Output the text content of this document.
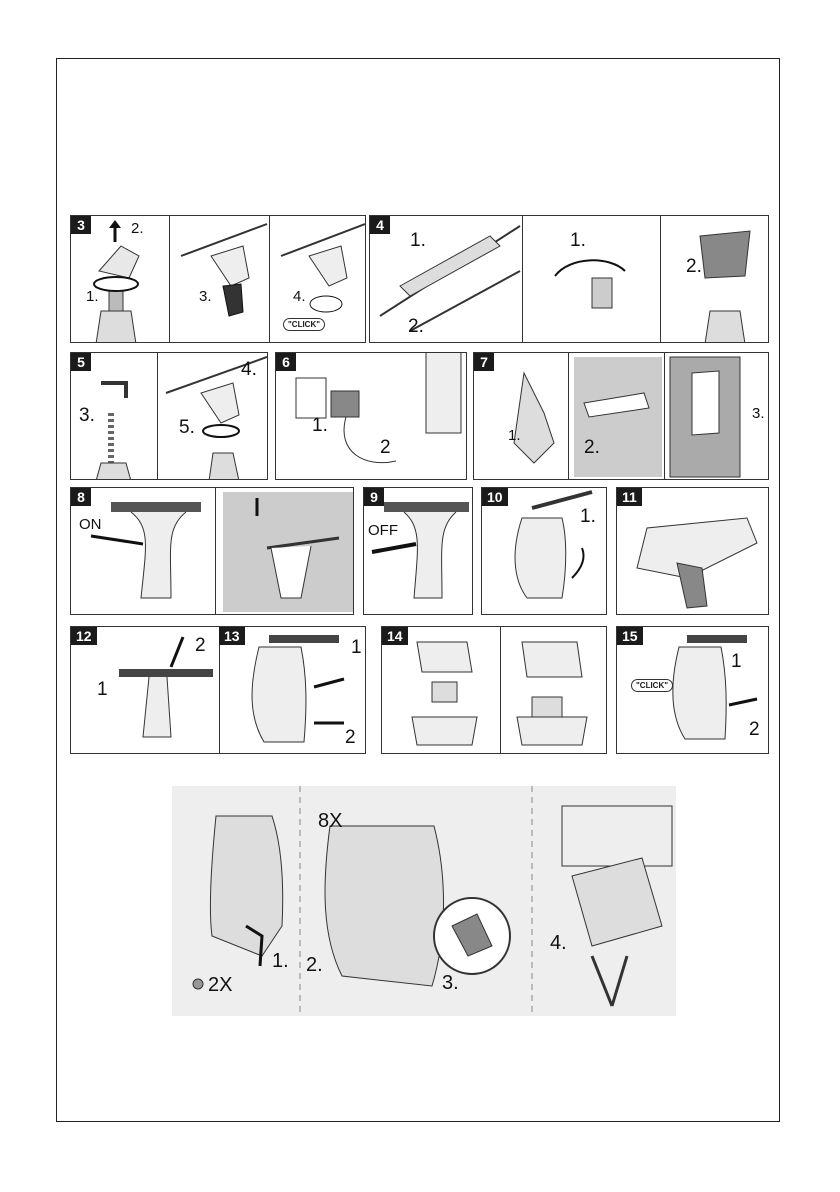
3	2.
1.	3.	4.
"CLICK"
4
1.
2.
1.
2.
5
3.
4.
5.
6
1.
2
7
1.
2.
3.
8
ON
9
OFF
10
1.
11
12	2
1
13
1
2
14	15
"CLICK"
1
2
8X
2X
1. 2.
3.
4.
